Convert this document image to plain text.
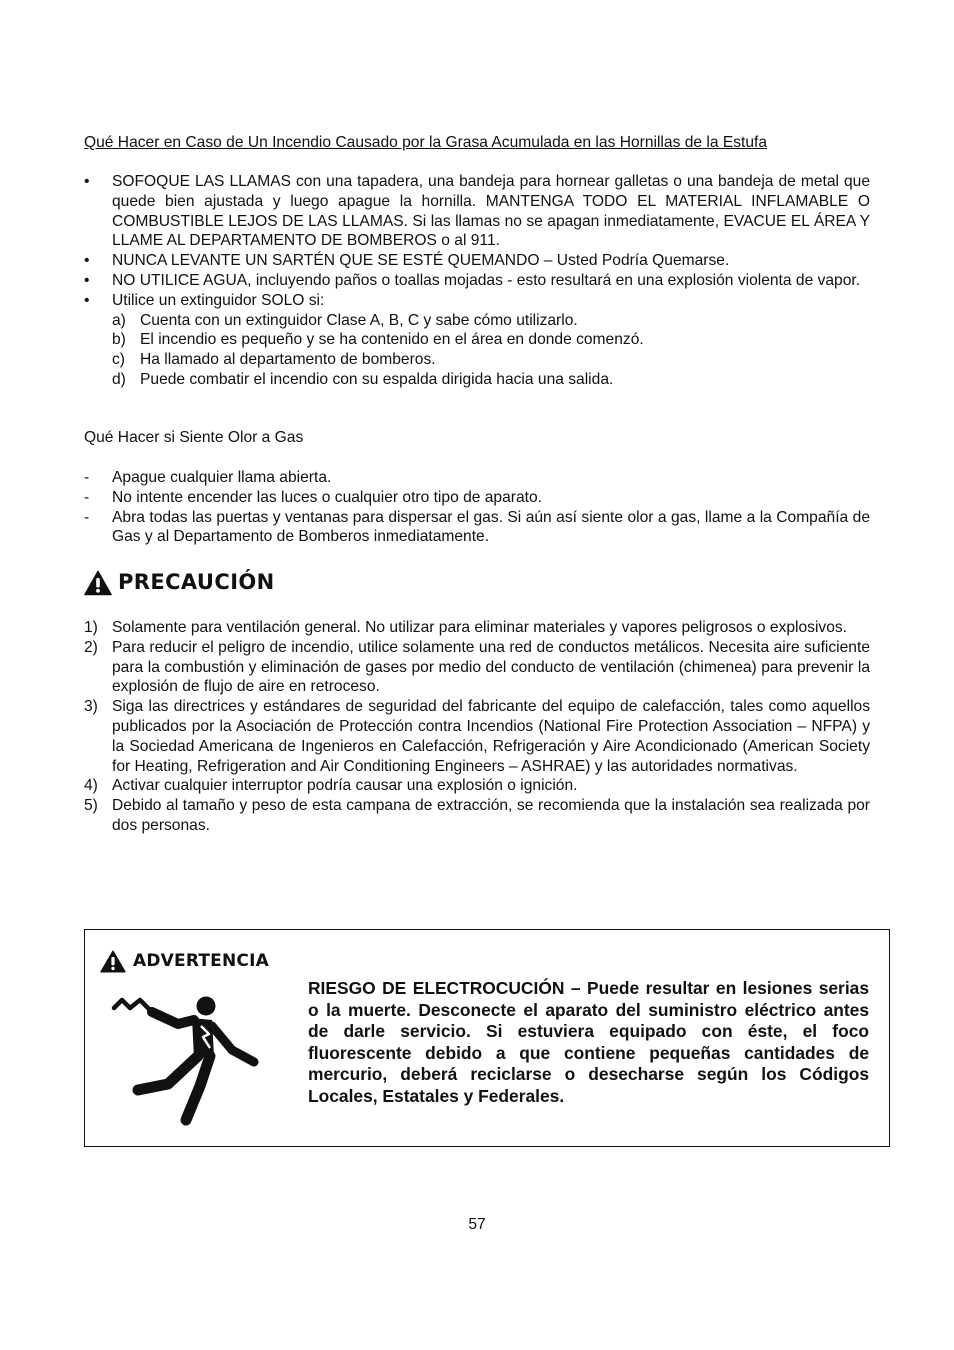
Qué Hacer en Caso de Un Incendio Causado por la Grasa Acumulada en las Hornillas de la Estufa
•	SOFOQUE LAS LLAMAS con una tapadera, una bandeja para hornear galletas o una bandeja de metal que quede bien ajustada y luego apague la hornilla. MANTENGA TODO EL MATERIAL INFLAMABLE O COMBUSTIBLE LEJOS DE LAS LLAMAS. Si las llamas no se apagan inmediatamente, EVACUE EL ÁREA Y LLAME AL DEPARTAMENTO DE BOMBEROS o al 911.
•	NUNCA LEVANTE UN SARTÉN QUE SE ESTÉ QUEMANDO – Usted Podría Quemarse.
•	NO UTILICE AGUA, incluyendo paños o toallas mojadas - esto resultará en una explosión violenta de vapor.
•	Utilice un extinguidor SOLO si:
a) Cuenta con un extinguidor Clase A, B, C y sabe cómo utilizarlo.
b) El incendio es pequeño y se ha contenido en el área en donde comenzó.
c) Ha llamado al departamento de bomberos.
d) Puede combatir el incendio con su espalda dirigida hacia una salida.
Qué Hacer si Siente Olor a Gas
-	Apague cualquier llama abierta.
-	No intente encender las luces o cualquier otro tipo de aparato.
-	Abra todas las puertas y ventanas para dispersar el gas. Si aún así siente olor a gas, llame a la Compañía de Gas y al Departamento de Bomberos inmediatamente.
PRECAUCIÓN
1) Solamente para ventilación general. No utilizar para eliminar materiales y vapores peligrosos o explosivos.
2) Para reducir el peligro de incendio, utilice solamente una red de conductos metálicos. Necesita aire suficiente para la combustión y eliminación de gases por medio del conducto de ventilación (chimenea) para prevenir la explosión de flujo de aire en retroceso.
3) Siga las directrices y estándares de seguridad del fabricante del equipo de calefacción, tales como aquellos publicados por la Asociación de Protección contra Incendios (National Fire Protection Association – NFPA) y la Sociedad Americana de Ingenieros en Calefacción, Refrigeración y Aire Acondicionado (American Society for Heating, Refrigeration and Air Conditioning Engineers – ASHRAE) y las autoridades normativas.
4) Activar cualquier interruptor podría causar una explosión o ignición.
5) Debido al tamaño y peso de esta campana de extracción, se recomienda que la instalación sea realizada por dos personas.
ADVERTENCIA
RIESGO DE ELECTROCUCIÓN – Puede resultar en lesiones serias o la muerte. Desconecte el aparato del suministro eléctrico antes de darle servicio. Si estuviera equipado con éste, el foco fluorescente debido a que contiene pequeñas cantidades de mercurio, deberá reciclarse o desecharse según los Códigos Locales, Estatales y Federales.
57
